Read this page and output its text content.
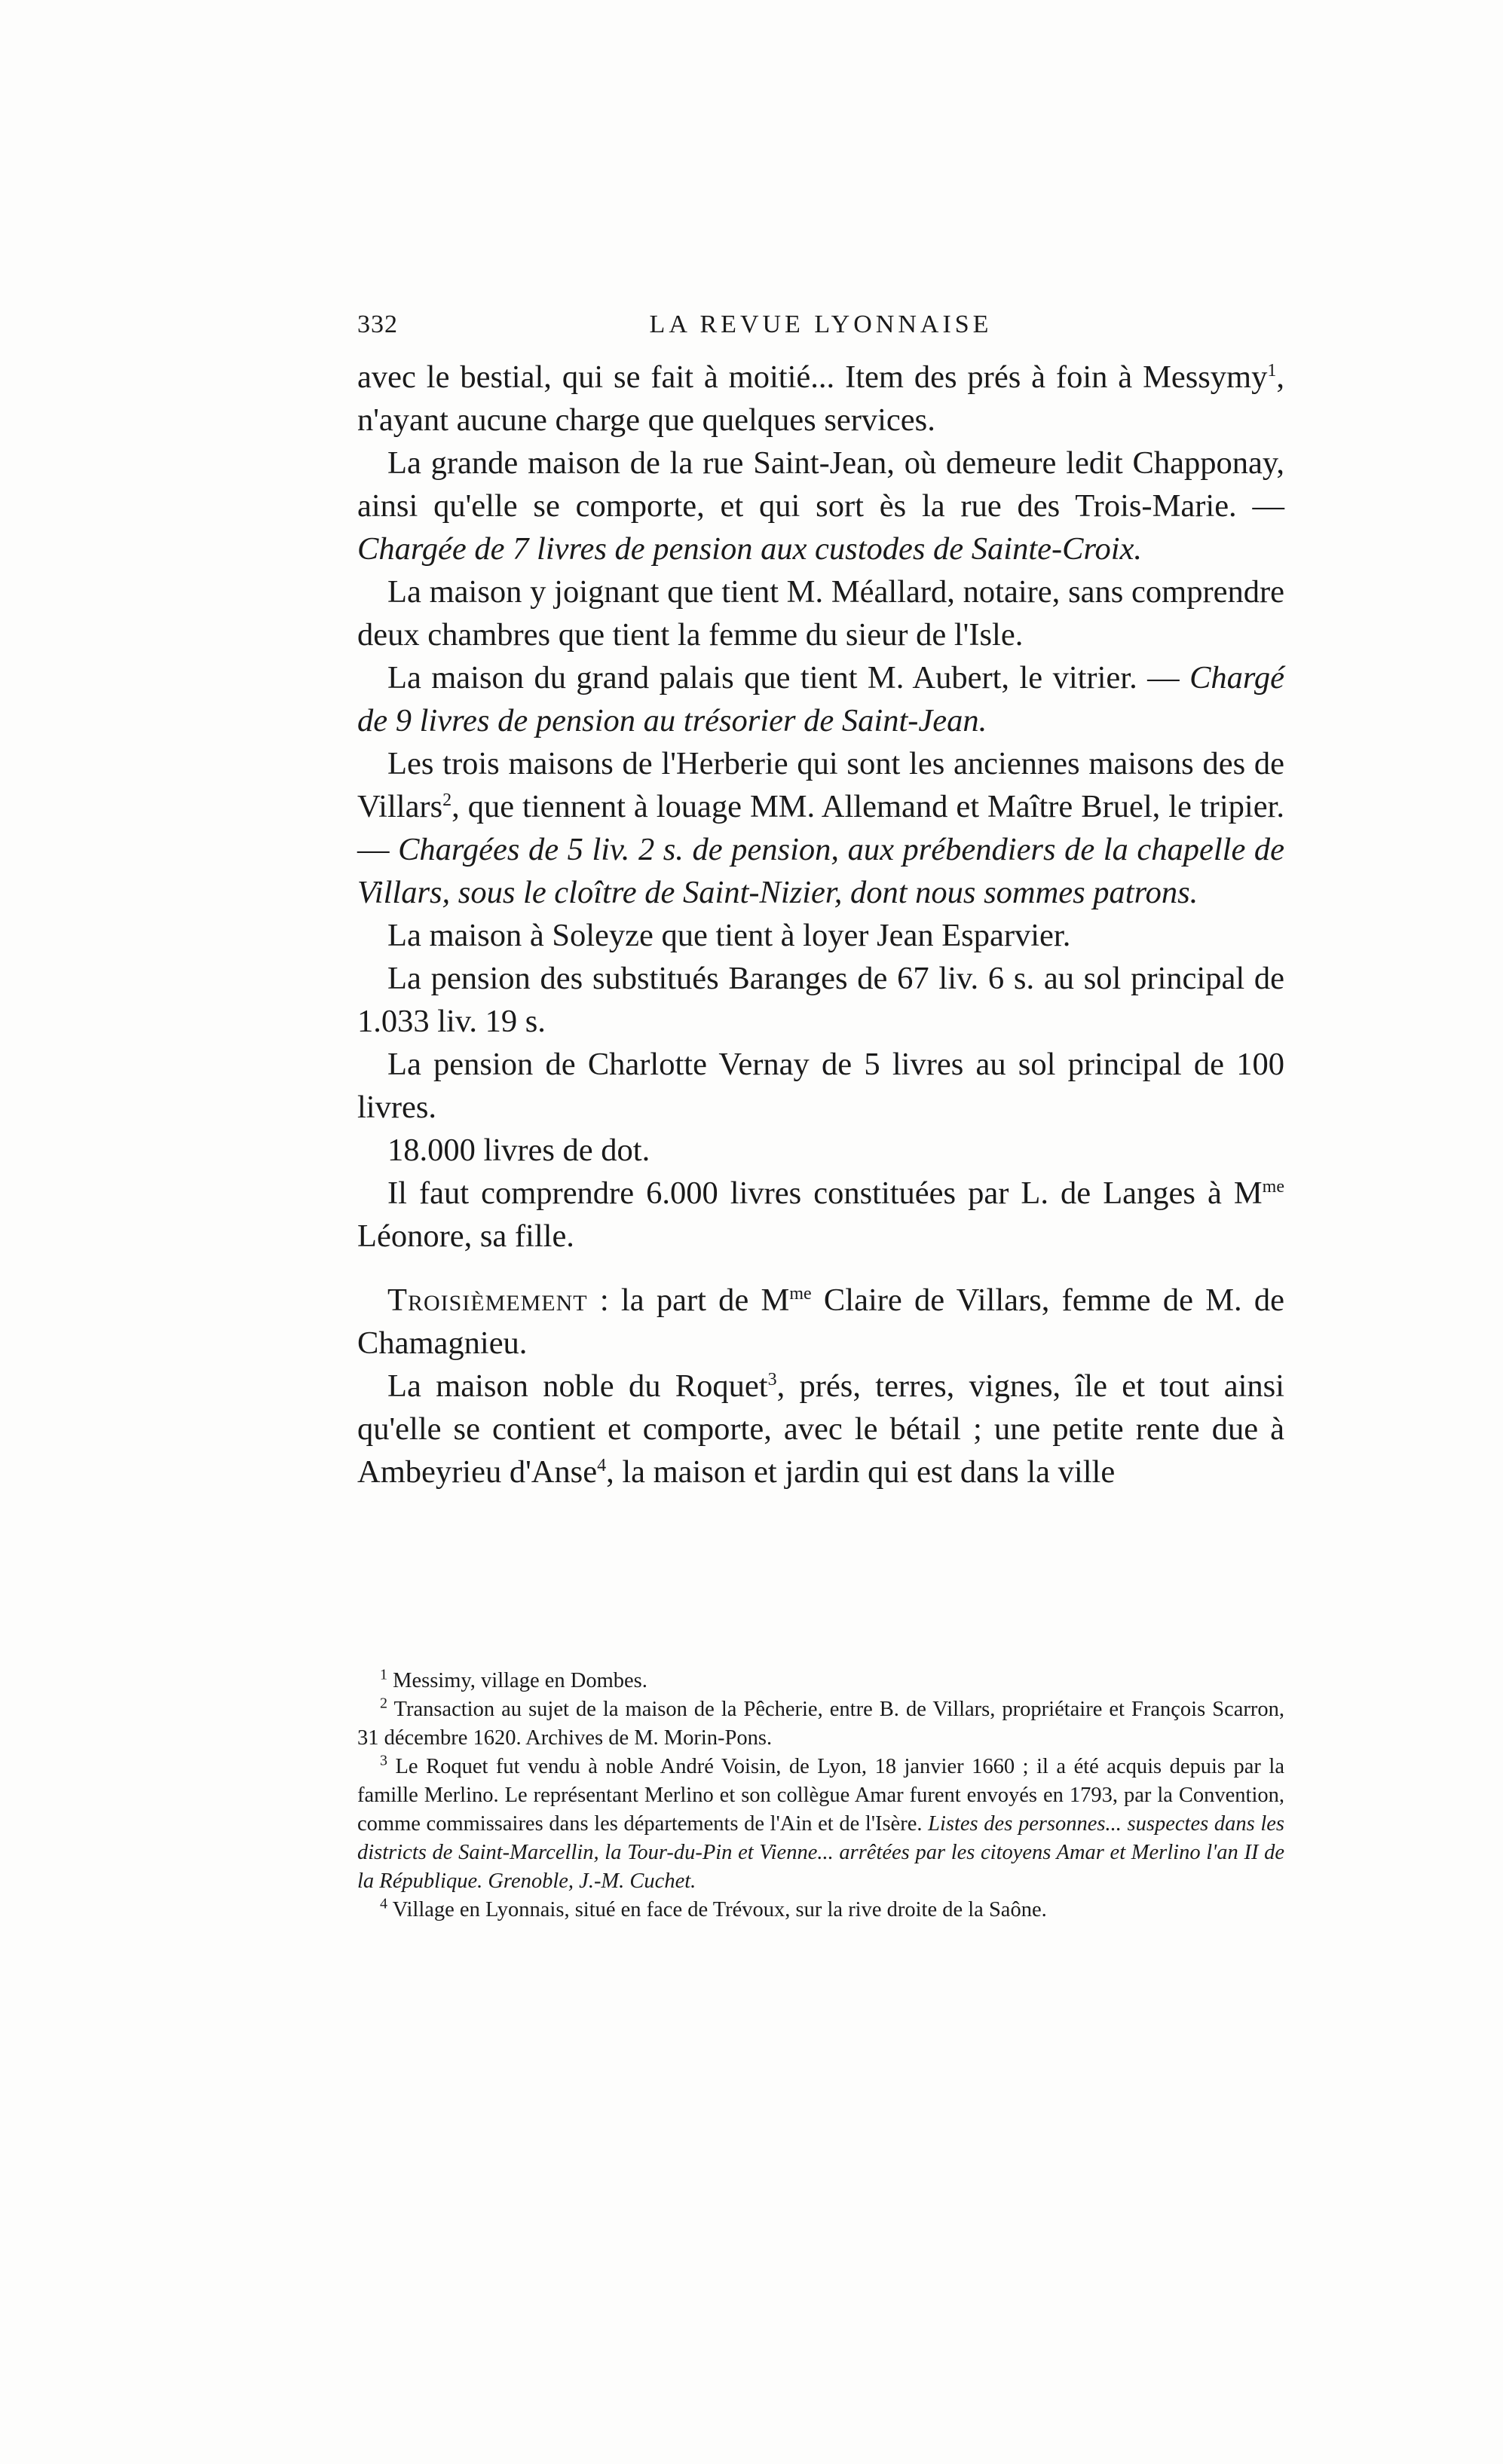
332	LA REVUE LYONNAISE

avec le bestial, qui se fait à moitié... Item des prés à foin à Messymy$^1$, n'ayant aucune charge que quelques services.

La grande maison de la rue Saint-Jean, où demeure ledit Chapponay, ainsi qu'elle se comporte, et qui sort ès la rue des Trois-Marie. — Chargée de 7 livres de pension aux custodes de Sainte-Croix.

La maison y joignant que tient M. Méallard, notaire, sans comprendre deux chambres que tient la femme du sieur de l'Isle.

La maison du grand palais que tient M. Aubert, le vitrier. — Chargé de 9 livres de pension au trésorier de Saint-Jean.

Les trois maisons de l'Herberie qui sont les anciennes maisons des de Villars$^2$, que tiennent à louage MM. Allemand et Maître Bruel, le tripier. — Chargées de 5 liv. 2 s. de pension, aux prébendiers de la chapelle de Villars, sous le cloître de Saint-Nizier, dont nous sommes patrons.

La maison à Soleyze que tient à loyer Jean Esparvier.

La pension des substitués Baranges de 67 liv. 6 s. au sol principal de 1.033 liv. 19 s.

La pension de Charlotte Vernay de 5 livres au sol principal de 100 livres.

18.000 livres de dot.

Il faut comprendre 6.000 livres constituées par L. de Langes à $M^{me}$ Léonore, sa fille.

Troisièmement : la part de $M^{me}$ Claire de Villars, femme de M. de Chamagnieu.

La maison noble du Roquet$^3$, prés, terres, vignes, île et tout ainsi qu'elle se contient et comporte, avec le bétail ; une petite rente due à Ambeyrieu d'Anse$^4$, la maison et jardin qui est dans la ville

$^1$ Messimy, village en Dombes.

$^2$ Transaction au sujet de la maison de la Pêcherie, entre B. de Villars, propriétaire et François Scarron, 31 décembre 1620. Archives de M. Morin-Pons.

$^3$ Le Roquet fut vendu à noble André Voisin, de Lyon, 18 janvier 1660 ; il a été acquis depuis par la famille Merlino. Le représentant Merlino et son collègue Amar furent envoyés en 1793, par la Convention, comme commissaires dans les départements de l'Ain et de l'Isère. Listes des personnes... suspectes dans les districts de Saint-Marcellin, la Tour-du-Pin et Vienne... arrêtées par les citoyens Amar et Merlino l'an II de la République. Grenoble, J.-M. Cuchet.

$^4$ Village en Lyonnais, situé en face de Trévoux, sur la rive droite de la Saône.
